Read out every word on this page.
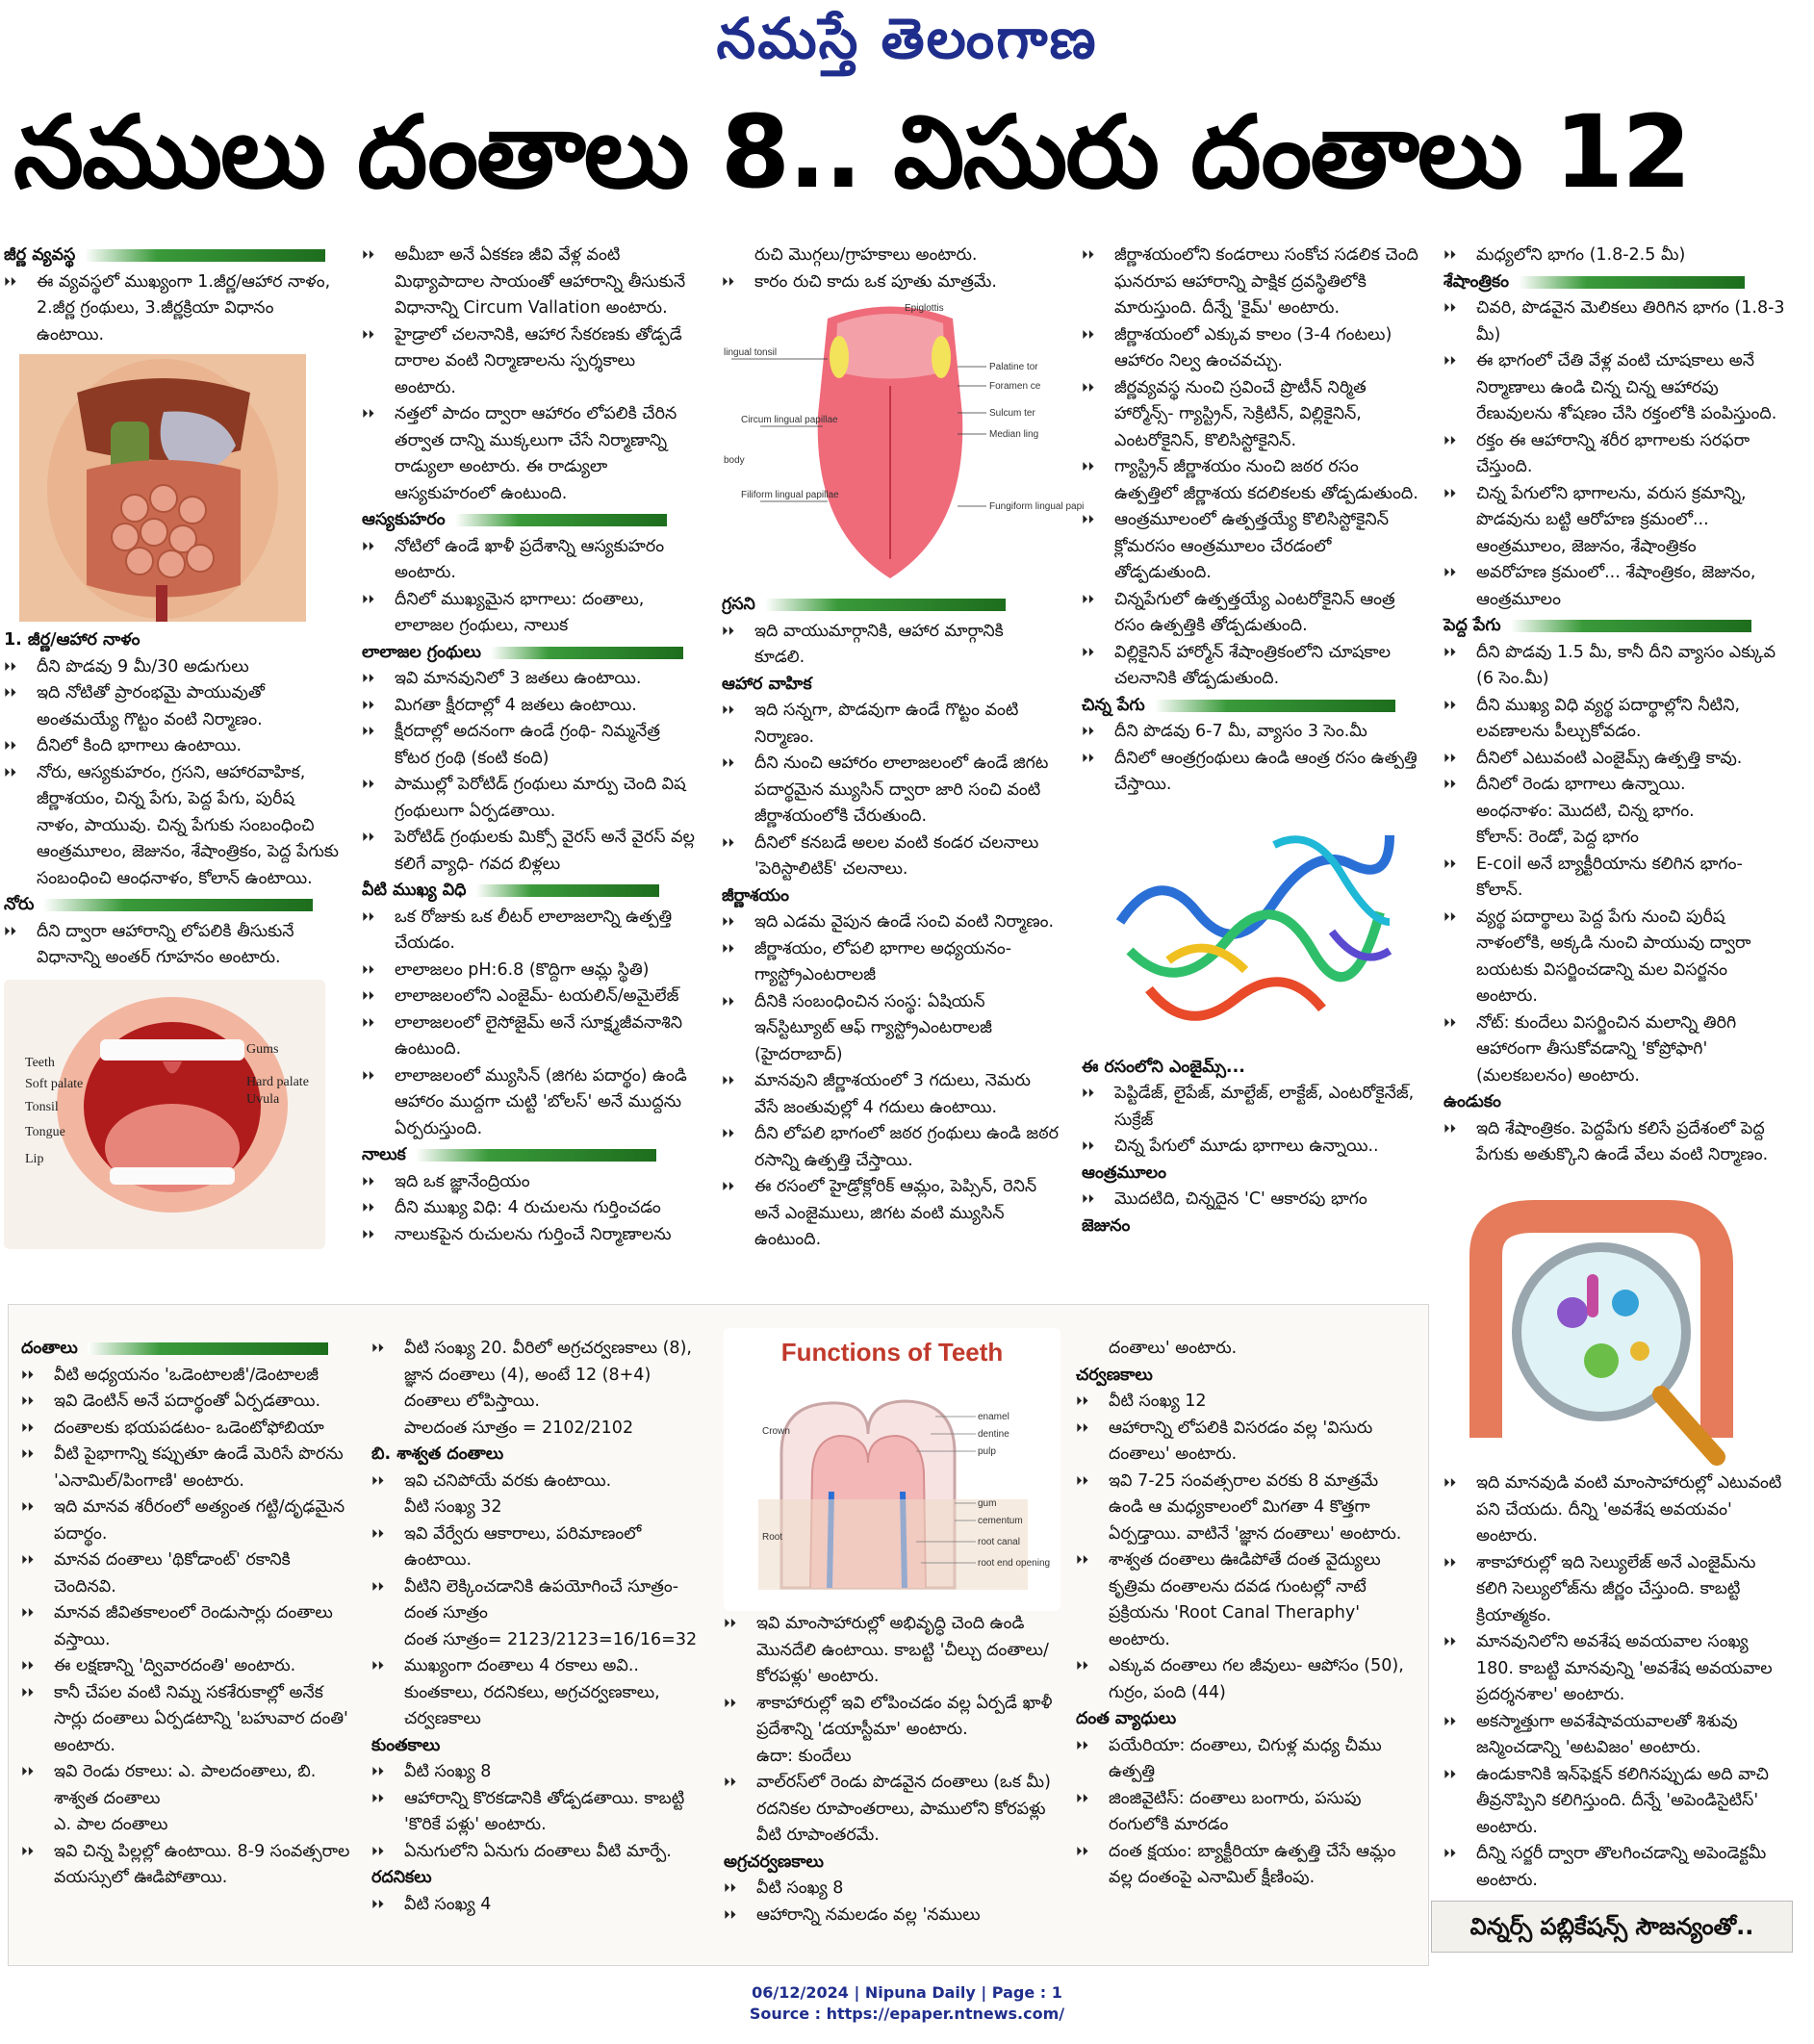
నమస్తే తెలంగాణ
నములు దంతాలు 8.. విసురు దంతాలు 12

జీర్ణ వ్యవస్థ

⏵⏵	ఈ వ్యవస్థలో ముఖ్యంగా 1.జీర్ణ/ఆహార నాళం, 2.జీర్ణ గ్రంథులు, 3.జీర్ణక్రియా విధానం ఉంటాయి.

1. జీర్ణ/ఆహార నాళం

⏵⏵	దీని పొడవు 9 మీ/30 అడుగులు

⏵⏵	ఇది నోటితో ప్రారంభమై పాయువుతో అంతమయ్యే గొట్టం వంటి నిర్మాణం.

⏵⏵	దీనిలో కింది భాగాలు ఉంటాయి.

⏵⏵	నోరు, ఆస్యకుహరం, గ్రసని, ఆహారవాహిక, జీర్ణాశయం, చిన్న పేగు, పెద్ద పేగు, పురీష నాళం, పాయువు. చిన్న పేగుకు సంబంధించి ఆంత్రమూలం, జెజునం, శేషాంత్రికం, పెద్ద పేగుకు సంబంధించి ఆంధనాళం, కోలాన్ ఉంటాయి.

నోరు

⏵⏵	దీని ద్వారా ఆహారాన్ని లోపలికి తీసుకునే విధానాన్ని అంతర్ గూహనం అంటారు.

Teeth
Soft palate
Tonsil
Tongue
Lip
Gums
Hard palate
Uvula

⏵⏵	అమీబా అనే ఏకకణ జీవి వేళ్ల వంటి మిథ్యాపాదాల సాయంతో ఆహారాన్ని తీసుకునే విధానాన్ని Circum Vallation అంటారు.

⏵⏵	హైడ్రాలో చలనానికి, ఆహార సేకరణకు తోడ్పడే దారాల వంటి నిర్మాణాలను స్పర్శకాలు అంటారు.

⏵⏵	నత్తలో పాదం ద్వారా ఆహారం లోపలికి చేరిన తర్వాత దాన్ని ముక్కలుగా చేసే నిర్మాణాన్ని రాడ్యులా అంటారు. ఈ రాడ్యులా ఆస్యకుహరంలో ఉంటుంది.

ఆస్యకుహరం

⏵⏵	నోటిలో ఉండే ఖాళీ ప్రదేశాన్ని ఆస్యకుహరం అంటారు.

⏵⏵	దీనిలో ముఖ్యమైన భాగాలు: దంతాలు, లాలాజల గ్రంథులు, నాలుక

లాలాజల గ్రంథులు

⏵⏵	ఇవి మానవునిలో 3 జతలు ఉంటాయి.

⏵⏵	మిగతా క్షీరదాల్లో 4 జతలు ఉంటాయి.

⏵⏵	క్షీరదాల్లో అదనంగా ఉండే గ్రంథి- నిమ్మనేత్ర కోటర గ్రంథి (కంటి కంది)

⏵⏵	పాముల్లో పెరోటిడ్ గ్రంథులు మార్పు చెంది విష గ్రంథులుగా ఏర్పడతాయి.

⏵⏵	పెరోటిడ్ గ్రంథులకు మిక్సో వైరస్ అనే వైరస్ వల్ల కలిగే వ్యాధి- గవద బిళ్లలు

వీటి ముఖ్య విధి

⏵⏵	ఒక రోజుకు ఒక లీటర్ లాలాజలాన్ని ఉత్పత్తి చేయడం.

⏵⏵	లాలాజలం pH:6.8 (కొద్దిగా ఆమ్ల స్థితి)

⏵⏵	లాలాజలంలోని ఎంజైమ్- టయలిన్/అమైలేజ్

⏵⏵	లాలాజలంలో లైసోజైమ్ అనే సూక్ష్మజీవనాశిని ఉంటుంది.

⏵⏵	లాలాజలంలో మ్యుసిన్ (జిగట పదార్థం) ఉండి ఆహారం ముద్దగా చుట్టి 'బోలస్' అనే ముద్దను ఏర్పరుస్తుంది.

నాలుక

⏵⏵	ఇది ఒక జ్ఞానేంద్రియం

⏵⏵	దీని ముఖ్య విధి: 4 రుచులను గుర్తించడం

⏵⏵	నాలుకపైన రుచులను గుర్తించే నిర్మాణాలను

రుచి మొగ్గలు/గ్రాహకాలు అంటారు.

⏵⏵	కారం రుచి కాదు ఒక పూతు మాత్రమే.

Epiglottis
lingual tonsil
Palatine tor
Foramen ce
Sulcum ter
Median ling
Circum lingual papillae
body
Filiform lingual papillae
Fungiform lingual papi

గ్రసని

⏵⏵	ఇది వాయుమార్గానికి, ఆహార మార్గానికి కూడలి.

ఆహార వాహిక

⏵⏵	ఇది సన్నగా, పొడవుగా ఉండే గొట్టం వంటి నిర్మాణం.

⏵⏵	దీని నుంచి ఆహారం లాలాజలంలో ఉండే జిగట పదార్థమైన మ్యుసిన్ ద్వారా జారి సంచి వంటి జీర్ణాశయంలోకి చేరుతుంది.

⏵⏵	దీనిలో కనబడే అలల వంటి కండర చలనాలు 'పెరిస్టాలిటిక్' చలనాలు.

జీర్ణాశయం

⏵⏵	ఇది ఎడమ వైపున ఉండే సంచి వంటి నిర్మాణం.

⏵⏵	జీర్ణాశయం, లోపలి భాగాల అధ్యయనం- గ్యాస్ట్రోఎంటరాలజీ

⏵⏵	దీనికి సంబంధించిన సంస్థ: ఏషియన్ ఇన్‌స్టిట్యూట్ ఆఫ్ గ్యాస్ట్రోఎంటరాలజీ (హైదరాబాద్)

⏵⏵	మానవుని జీర్ణాశయంలో 3 గదులు, నెమరు వేసే జంతువుల్లో 4 గదులు ఉంటాయి.

⏵⏵	దీని లోపలి భాగంలో జఠర గ్రంథులు ఉండి జఠర రసాన్ని ఉత్పత్తి చేస్తాయి.

⏵⏵	ఈ రసంలో హైడ్రోక్లోరిక్ ఆమ్లం, పెప్సిన్, రెనిన్ అనే ఎంజైములు, జిగట వంటి మ్యుసిన్ ఉంటుంది.

⏵⏵	జీర్ణాశయంలోని కండరాలు సంకోచ సడలిక చెంది ఘనరూప ఆహారాన్ని పాక్షిక ద్రవస్థితిలోకి మారుస్తుంది. దీన్నే 'కైమ్' అంటారు.

⏵⏵	జీర్ణాశయంలో ఎక్కువ కాలం (3-4 గంటలు) ఆహారం నిల్వ ఉంచవచ్చు.

⏵⏵	జీర్ణవ్యవస్థ నుంచి స్రవించే ప్రొటీన్ నిర్మిత హార్మోన్స్- గ్యాస్ట్రిన్, సెక్రిటిన్, విల్లికైనిన్, ఎంటరోకైనిన్, కొలిసిస్టోకైనిన్.

⏵⏵	గ్యాస్ట్రిన్ జీర్ణాశయం నుంచి జఠర రసం ఉత్పత్తిలో జీర్ణాశయ కదలికలకు తోడ్పడుతుంది.

⏵⏵	ఆంత్రమూలంలో ఉత్పత్తయ్యే కొలిసిస్టోకైనిన్ క్లోమరసం ఆంత్రమూలం చేరడంలో తోడ్పడుతుంది.

⏵⏵	చిన్నపేగులో ఉత్పత్తయ్యే ఎంటరోకైనిన్ ఆంత్ర రసం ఉత్పత్తికి తోడ్పడుతుంది.

⏵⏵	విల్లికైనిన్ హార్మోన్ శేషాంత్రికంలోని చూషకాల చలనానికి తోడ్పడుతుంది.

చిన్న పేగు

⏵⏵	దీని పొడవు 6-7 మీ, వ్యాసం 3 సెం.మీ

⏵⏵	దీనిలో ఆంత్రగ్రంథులు ఉండి ఆంత్ర రసం ఉత్పత్తి చేస్తాయి.

ఈ రసంలోని ఎంజైమ్స్...

⏵⏵	పెప్టిడేజ్, లైపేజ్, మాల్టేజ్, లాక్టేజ్, ఎంటరోకైనేజ్, సుక్రేజ్

⏵⏵	చిన్న పేగులో మూడు భాగాలు ఉన్నాయి..

ఆంత్రమూలం

⏵⏵	మొదటిది, చిన్నదైన 'C' ఆకారపు భాగం

జెజునం

⏵⏵	మధ్యలోని భాగం (1.8-2.5 మీ)

శేషాంత్రికం

⏵⏵	చివరి, పొడవైన మెలికలు తిరిగిన భాగం (1.8-3 మీ)

⏵⏵	ఈ భాగంలో చేతి వేళ్ల వంటి చూషకాలు అనే నిర్మాణాలు ఉండి చిన్న చిన్న ఆహారపు రేణువులను శోషణం చేసి రక్తంలోకి పంపిస్తుంది.

⏵⏵	రక్తం ఈ ఆహారాన్ని శరీర భాగాలకు సరఫరా చేస్తుంది.

⏵⏵	చిన్న పేగులోని భాగాలను, వరుస క్రమాన్ని, పొడవును బట్టి ఆరోహణ క్రమంలో... ఆంత్రమూలం, జెజునం, శేషాంత్రికం

⏵⏵	అవరోహణ క్రమంలో... శేషాంత్రికం, జెజునం, ఆంత్రమూలం

పెద్ద పేగు

⏵⏵	దీని పొడవు 1.5 మీ, కానీ దీని వ్యాసం ఎక్కువ (6 సెం.మీ)

⏵⏵	దీని ముఖ్య విధి వ్యర్థ పదార్థాల్లోని నీటిని, లవణాలను పీల్చుకోవడం.

⏵⏵	దీనిలో ఎటువంటి ఎంజైమ్స్ ఉత్పత్తి కావు.

⏵⏵	దీనిలో రెండు భాగాలు ఉన్నాయి.

అంధనాళం: మొదటి, చిన్న భాగం.

కోలాన్: రెండో, పెద్ద భాగం

⏵⏵	E-coil అనే బ్యాక్టీరియాను కలిగిన భాగం- కోలాన్.

⏵⏵	వ్యర్థ పదార్థాలు పెద్ద పేగు నుంచి పురీష నాళంలోకి, అక్కడి నుంచి పాయువు ద్వారా బయటకు విసర్జించడాన్ని మల విసర్జనం అంటారు.

⏵⏵	నోట్: కుందేలు విసర్జించిన మలాన్ని తిరిగి ఆహారంగా తీసుకోవడాన్ని 'కోప్రోఫాగి' (మలకబలనం) అంటారు.

ఉండుకం

⏵⏵	ఇది శేషాంత్రికం. పెద్దపేగు కలిసే ప్రదేశంలో పెద్ద పేగుకు అతుక్కొని ఉండే వేలు వంటి నిర్మాణం.

⏵⏵	ఇది మానవుడి వంటి మాంసాహారుల్లో ఎటువంటి పని చేయదు. దీన్ని 'అవశేష అవయవం' అంటారు.

⏵⏵	శాకాహారుల్లో ఇది సెల్యులేజ్ అనే ఎంజైమ్‌ను కలిగి సెల్యులోజ్‌ను జీర్ణం చేస్తుంది. కాబట్టి క్రియాత్మకం.

⏵⏵	మానవునిలోని అవశేష అవయవాల సంఖ్య 180. కాబట్టి మానవున్ని 'అవశేష అవయవాల ప్రదర్శనశాల' అంటారు.

⏵⏵	అకస్మాత్తుగా అవశేషావయవాలతో శిశువు జన్మించడాన్ని 'అటవిజం' అంటారు.

⏵⏵	ఉండుకానికి ఇన్‌ఫెక్షన్ కలిగినప్పుడు అది వాచి తీవ్రనొప్పిని కలిగిస్తుంది. దీన్నే 'అపెండిసైటిస్' అంటారు.

⏵⏵	దీన్ని సర్జరీ ద్వారా తొలగించడాన్ని అపెండెక్టమీ అంటారు.

విన్నర్స్ పబ్లికేషన్స్ సౌజన్యంతో..

దంతాలు

⏵⏵	వీటి అధ్యయనం 'ఒడెంటాలజీ'/డెంటాలజీ

⏵⏵	ఇవి డెంటిన్ అనే పదార్థంతో ఏర్పడతాయి.

⏵⏵	దంతాలకు భయపడటం- ఒడెంటోఫోబియా

⏵⏵	వీటి పైభాగాన్ని కప్పుతూ ఉండే మెరిసే పొరను 'ఎనామిల్/పింగాణి' అంటారు.

⏵⏵	ఇది మానవ శరీరంలో అత్యంత గట్టి/దృఢమైన పదార్థం.

⏵⏵	మానవ దంతాలు 'థికోడాంట్' రకానికి చెందినవి.

⏵⏵	మానవ జీవితకాలంలో రెండుసార్లు దంతాలు వస్తాయి.

⏵⏵	ఈ లక్షణాన్ని 'ద్వివారదంతి' అంటారు.

⏵⏵	కానీ చేపల వంటి నిమ్న సకశేరుకాల్లో అనేక సార్లు దంతాలు ఏర్పడటాన్ని 'బహువార దంతి' అంటారు.

⏵⏵	ఇవి రెండు రకాలు: ఎ. పాలదంతాలు, బి. శాశ్వత దంతాలు

ఎ. పాల దంతాలు

⏵⏵	ఇవి చిన్న పిల్లల్లో ఉంటాయి. 8-9 సంవత్సరాల వయస్సులో ఊడిపోతాయి.

⏵⏵	వీటి సంఖ్య 20. వీరిలో అగ్రచర్వణకాలు (8), జ్ఞాన దంతాలు (4), అంటే 12 (8+4) దంతాలు లోపిస్తాయి.

పాలదంత సూత్రం = 2102/2102

బి. శాశ్వత దంతాలు

⏵⏵	ఇవి చనిపోయే వరకు ఉంటాయి.

వీటి సంఖ్య 32

⏵⏵	ఇవి వేర్వేరు ఆకారాలు, పరిమాణంలో ఉంటాయి.

⏵⏵	వీటిని లెక్కించడానికి ఉపయోగించే సూత్రం- దంత సూత్రం

దంత సూత్రం= 2123/2123=16/16=32

⏵⏵	ముఖ్యంగా దంతాలు 4 రకాలు అవి.. కుంతకాలు, రదనికలు, అగ్రచర్వణకాలు, చర్వణకాలు

కుంతకాలు

⏵⏵	వీటి సంఖ్య 8

⏵⏵	ఆహారాన్ని కొరకడానికి తోడ్పడతాయి. కాబట్టి 'కొరికే పళ్లు' అంటారు.

⏵⏵	ఏనుగులోని ఏనుగు దంతాలు వీటి మార్పే.

రదనికలు

⏵⏵	వీటి సంఖ్య 4

Functions of Teeth
enamel
dentine
pulp
gum
cementum
root canal
root end opening
Crown
Root

⏵⏵	ఇవి మాంసాహారుల్లో అభివృద్ధి చెంది ఉండి మొనదేలి ఉంటాయి. కాబట్టి 'చీల్చు దంతాలు/ కోరపళ్లు' అంటారు.

⏵⏵	శాకాహారుల్లో ఇవి లోపించడం వల్ల ఏర్పడే ఖాళీ ప్రదేశాన్ని 'డయాస్టీమా' అంటారు.

ఉదా: కుందేలు

⏵⏵	వాల్‌రస్‌లో రెండు పొడవైన దంతాలు (ఒక మీ) రదనికల రూపాంతరాలు, పాములోని కోరపళ్లు వీటి రూపాంతరమే.

అగ్రచర్వణకాలు

⏵⏵	వీటి సంఖ్య 8

⏵⏵	ఆహారాన్ని నమలడం వల్ల 'నములు

దంతాలు' అంటారు.

చర్వణకాలు

⏵⏵	వీటి సంఖ్య 12

⏵⏵	ఆహారాన్ని లోపలికి విసరడం వల్ల 'విసురు దంతాలు' అంటారు.

⏵⏵	ఇవి 7-25 సంవత్సరాల వరకు 8 మాత్రమే ఉండి ఆ మధ్యకాలంలో మిగతా 4 కొత్తగా ఏర్పడ్తాయి. వాటినే 'జ్ఞాన దంతాలు' అంటారు.

⏵⏵	శాశ్వత దంతాలు ఊడిపోతే దంత వైద్యులు కృత్రిమ దంతాలను దవడ గుంటల్లో నాటే ప్రక్రియను 'Root Canal Theraphy' అంటారు.

⏵⏵	ఎక్కువ దంతాలు గల జీవులు- ఆపోసం (50), గుర్రం, పంది (44)

దంత వ్యాధులు

⏵⏵	పయేరియా: దంతాలు, చిగుళ్ల మధ్య చీము ఉత్పత్తి

⏵⏵	జింజివైటిస్: దంతాలు బంగారు, పసుపు రంగులోకి మారడం

⏵⏵	దంత క్షయం: బ్యాక్టీరియా ఉత్పత్తి చేసే ఆమ్లం వల్ల దంతంపై ఎనామిల్ క్షీణింపు.

06/12/2024 | Nipuna Daily | Page : 1
Source : https://epaper.ntnews.com/
